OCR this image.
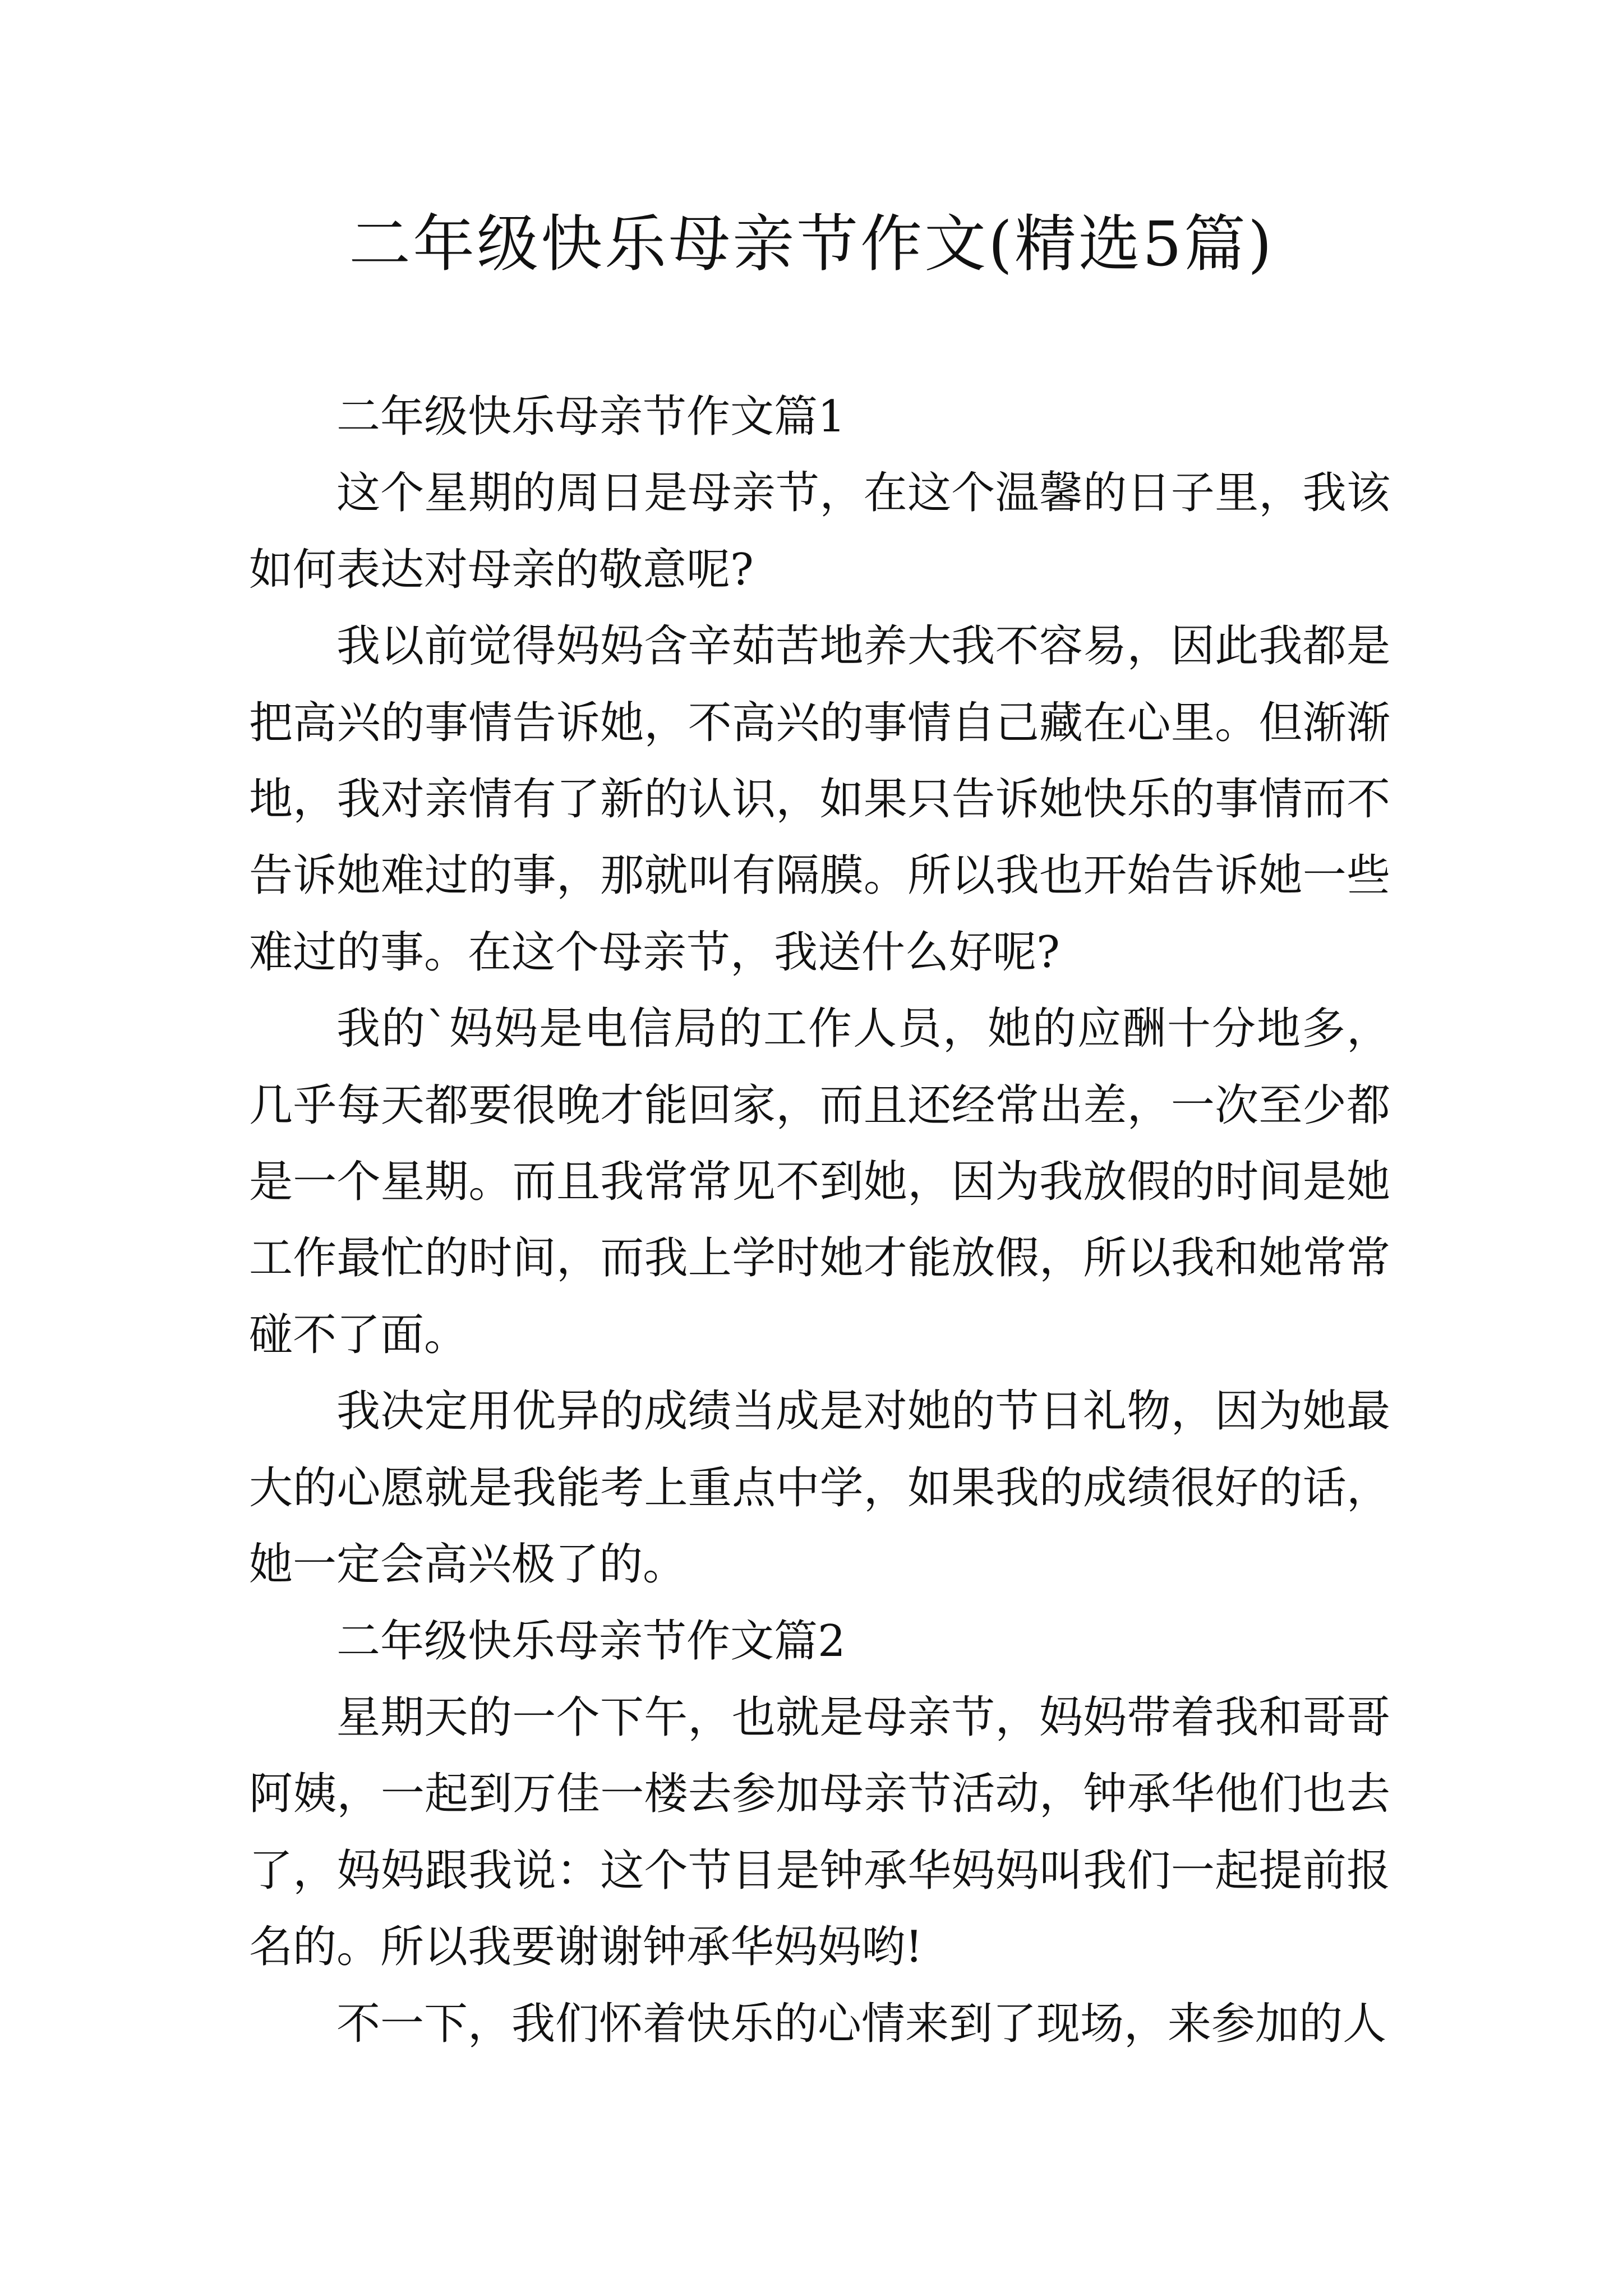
二年级快乐母亲节作文(精选5篇)

二年级快乐母亲节作文篇1

这个星期的周日是母亲节，在这个温馨的日子里，我该如何表达对母亲的敬意呢?

我以前觉得妈妈含辛茹苦地养大我不容易，因此我都是把高兴的事情告诉她，不高兴的事情自己藏在心里。但渐渐地，我对亲情有了新的认识，如果只告诉她快乐的事情而不告诉她难过的事，那就叫有隔膜。所以我也开始告诉她一些难过的事。在这个母亲节，我送什么好呢?

我的`妈妈是电信局的工作人员，她的应酬十分地多，几乎每天都要很晚才能回家，而且还经常出差，一次至少都是一个星期。而且我常常见不到她，因为我放假的时间是她工作最忙的时间，而我上学时她才能放假，所以我和她常常碰不了面。

我决定用优异的成绩当成是对她的节日礼物，因为她最大的心愿就是我能考上重点中学，如果我的成绩很好的话，她一定会高兴极了的。

二年级快乐母亲节作文篇2

星期天的一个下午，也就是母亲节，妈妈带着我和哥哥阿姨，一起到万佳一楼去参加母亲节活动，钟承华他们也去了，妈妈跟我说：这个节目是钟承华妈妈叫我们一起提前报名的。所以我要谢谢钟承华妈妈哟!

不一下，我们怀着快乐的心情来到了现场，来参加的人
